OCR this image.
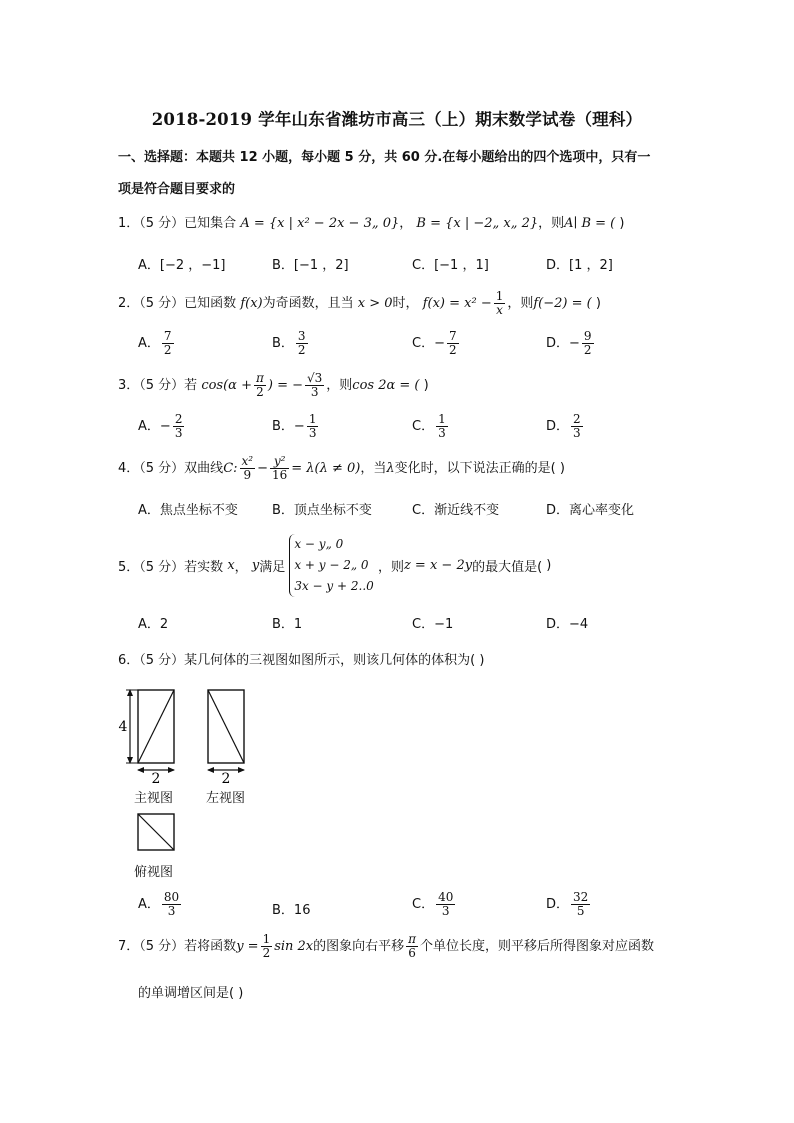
2018-2019 学年山东省潍坊市高三（上）期末数学试卷（理科）
一、选择题：本题共 12 小题，每小题 5 分，共 60 分.在每小题给出的四个选项中，只有一
项是符合题目要求的
1．（5 分）已知集合 A = {x | x² − 2x − 3„ 0}， B = {x | −2„ x„ 2}，则A∣ B = ( )
A．[−2 ，−1]	B．[−1 ，2]	C．[−1 ，1]	D．[1 ，2]
2．（5 分）已知函数 f(x)为奇函数，且当 x > 0时， $f(x) = x^2 - \frac{1}{x}$ ，则f(−2) = ( )
A． $\frac{7}{2}$	B． $\frac{3}{2}$	C．− $\frac{7}{2}$	D．− $\frac{9}{2}$
3．（5 分）若 $\cos(\alpha + \frac{\pi}{2}$ ) = − $\frac{√3}{3}$ ，则cos 2α = ( )
A．− $\frac{2}{3}$	B．− $\frac{1}{3}$	C． $\frac{1}{3}$	D． $\frac{2}{3}$
4．（5 分）双曲线C: $\frac{\text{x²}}{9} - \frac{\text{y²}}{16} = \lambda(\lambda \ne 0)$，当λ变化时，以下说法正确的是( )
A．焦点坐标不变	B．顶点坐标不变	C．渐近线不变	D．离心率变化
5．（5 分）若实数 x， y满足 x − y„ 0
x + y − 2„ 0
3x − y + 2..0 ，则z = x − 2y的最大值是( )
A．2	B．1	C．−1	D．−4
6．（5 分）某几何体的三视图如图所示，则该几何体的体积为( )
4
2	2
主视图	左视图
俯视图
A． $\frac{80}{3}$	B．16	C． $\frac{40}{3}$	D． $\frac{32}{5}$
7．（5 分）若将函数$y = \frac{1}{2}$ sin 2x的图象向右平移 $\frac{\pi}{6}$ 个单位长度，则平移后所得图象对应函数
的单调增区间是( )
